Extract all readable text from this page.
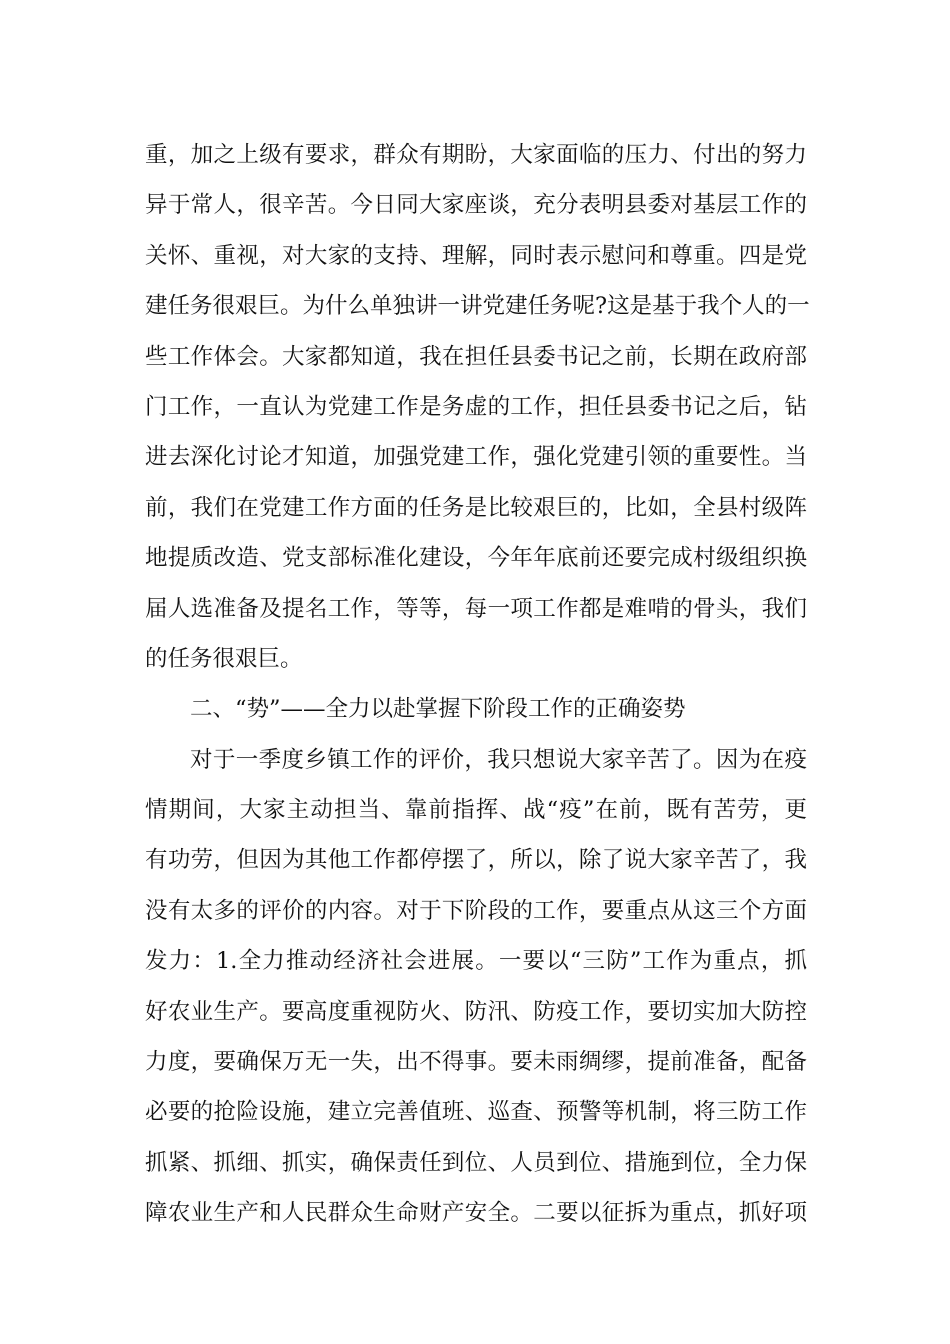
重，加之上级有要求，群众有期盼，大家面临的压力、付出的努力
异于常人，很辛苦。今日同大家座谈，充分表明县委对基层工作的
关怀、重视，对大家的支持、理解，同时表示慰问和尊重。四是党
建任务很艰巨。为什么单独讲一讲党建任务呢?这是基于我个人的一
些工作体会。大家都知道，我在担任县委书记之前，长期在政府部
门工作，一直认为党建工作是务虚的工作，担任县委书记之后，钻
进去深化讨论才知道，加强党建工作，强化党建引领的重要性。当
前，我们在党建工作方面的任务是比较艰巨的，比如，全县村级阵
地提质改造、党支部标准化建设，今年年底前还要完成村级组织换
届人选准备及提名工作，等等，每一项工作都是难啃的骨头，我们
的任务很艰巨。
二、“势”——全力以赴掌握下阶段工作的正确姿势
对于一季度乡镇工作的评价，我只想说大家辛苦了。因为在疫
情期间，大家主动担当、靠前指挥、战“疫”在前，既有苦劳，更
有功劳，但因为其他工作都停摆了，所以，除了说大家辛苦了，我
没有太多的评价的内容。对于下阶段的工作，要重点从这三个方面
发力：1.全力推动经济社会进展。一要以“三防”工作为重点，抓
好农业生产。要高度重视防火、防汛、防疫工作，要切实加大防控
力度，要确保万无一失，出不得事。要未雨绸缪，提前准备，配备
必要的抢险设施，建立完善值班、巡查、预警等机制，将三防工作
抓紧、抓细、抓实，确保责任到位、人员到位、措施到位，全力保
障农业生产和人民群众生命财产安全。二要以征拆为重点，抓好项
